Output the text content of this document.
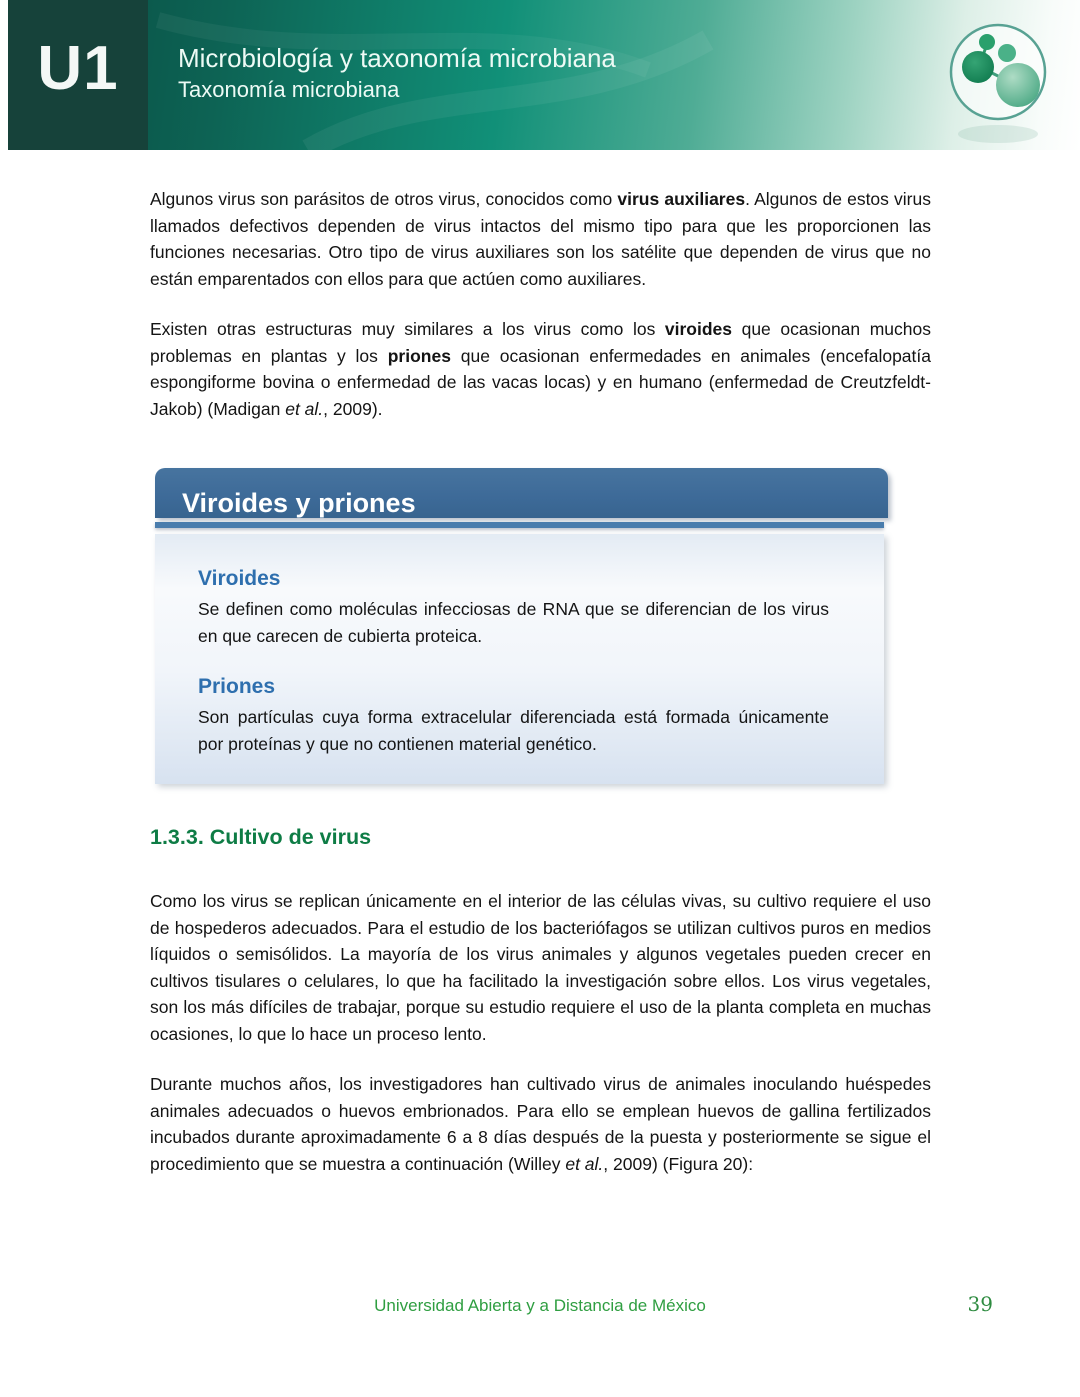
U1	Microbiología y taxonomía microbiana
Taxonomía microbiana

Algunos virus son parásitos de otros virus, conocidos como virus auxiliares. Algunos de estos virus llamados defectivos dependen de virus intactos del mismo tipo para que les proporcionen las funciones necesarias. Otro tipo de virus auxiliares son los satélite que dependen de virus que no están emparentados con ellos para que actúen como auxiliares.

Existen otras estructuras muy similares a los virus como los viroides que ocasionan muchos problemas en plantas y los priones que ocasionan enfermedades en animales (encefalopatía espongiforme bovina o enfermedad de las vacas locas) y en humano (enfermedad de Creutzfeldt-Jakob) (Madigan et al., 2009).

Viroides y priones
Viroides

Se definen como moléculas infecciosas de RNA que se diferencian de los virus en que carecen de cubierta proteica.

Priones

Son partículas cuya forma extracelular diferenciada está formada únicamente por proteínas y que no contienen material genético.

1.3.3. Cultivo de virus

Como los virus se replican únicamente en el interior de las células vivas, su cultivo requiere el uso de hospederos adecuados. Para el estudio de los bacteriófagos se utilizan cultivos puros en medios líquidos o semisólidos. La mayoría de los virus animales y algunos vegetales pueden crecer en cultivos tisulares o celulares, lo que ha facilitado la investigación sobre ellos. Los virus vegetales, son los más difíciles de trabajar, porque su estudio requiere el uso de la planta completa en muchas ocasiones, lo que lo hace un proceso lento.

Durante muchos años, los investigadores han cultivado virus de animales inoculando huéspedes animales adecuados o huevos embrionados. Para ello se emplean huevos de gallina fertilizados incubados durante aproximadamente 6 a 8 días después de la puesta y posteriormente se sigue el procedimiento que se muestra a continuación (Willey et al., 2009) (Figura 20):

Universidad Abierta y a Distancia de México	39
